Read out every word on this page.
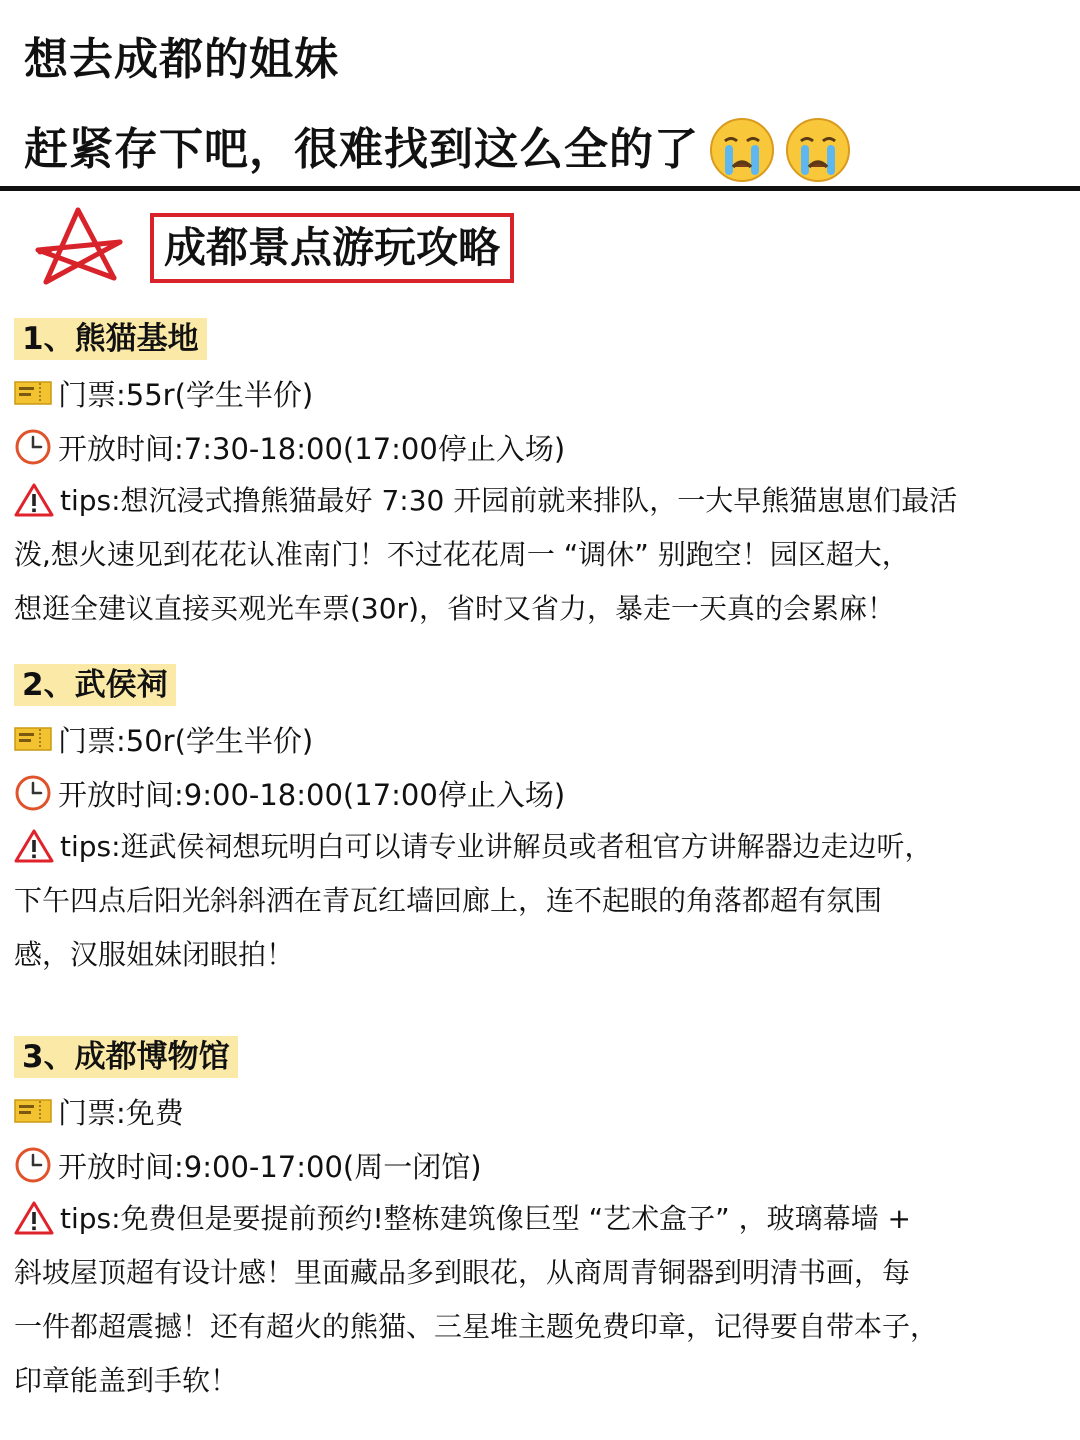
想去成都的姐妹
赶紧存下吧，很难找到这么全的了
成都景点游玩攻略
1、熊猫基地
门票:55r(学生半价)
开放时间:7:30-18:00(17:00停止入场)
tips:想沉浸式撸熊猫最好 7:30 开园前就来排队，一大早熊猫崽崽们最活
泼,想火速见到花花认准南门！不过花花周一 “调休” 别跑空！园区超大，
想逛全建议直接买观光车票(30r)，省时又省力，暴走一天真的会累麻！
2、武侯祠
门票:50r(学生半价)
开放时间:9:00-18:00(17:00停止入场)
tips:逛武侯祠想玩明白可以请专业讲解员或者租官方讲解器边走边听，
下午四点后阳光斜斜洒在青瓦红墙回廊上，连不起眼的角落都超有氛围
感，汉服姐妹闭眼拍！
3、成都博物馆
门票:免费
开放时间:9:00-17:00(周一闭馆)
tips:免费但是要提前预约!整栋建筑像巨型 “艺术盒子” ，玻璃幕墙 +
斜坡屋顶超有设计感！里面藏品多到眼花，从商周青铜器到明清书画，每
一件都超震撼！还有超火的熊猫、三星堆主题免费印章，记得要自带本子，
印章能盖到手软！
